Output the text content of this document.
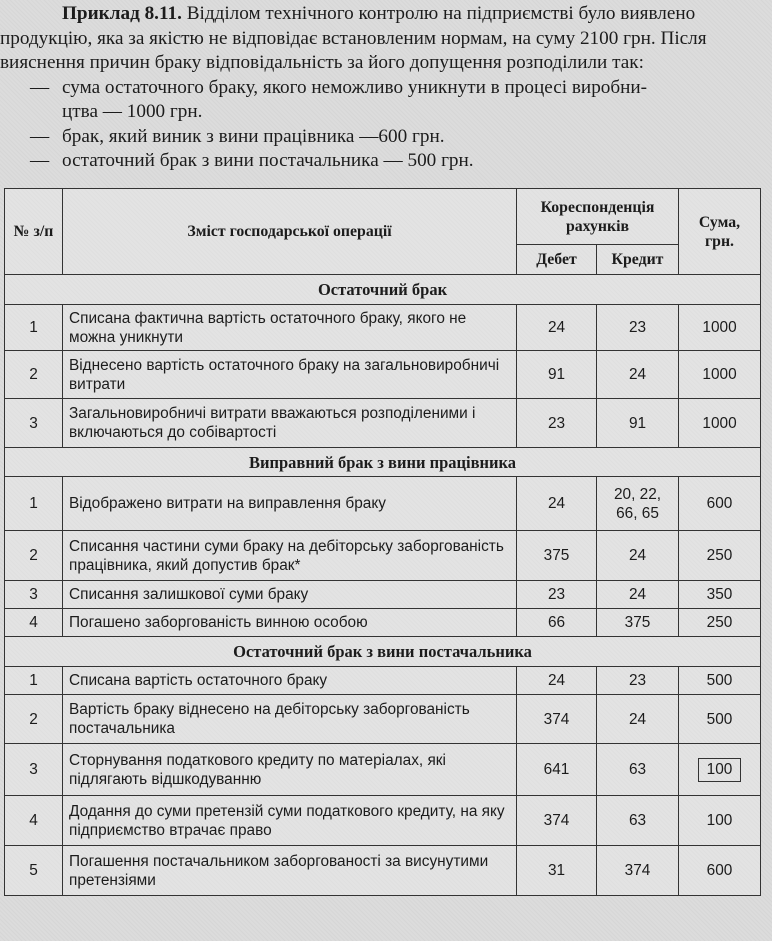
Приклад 8.11. Відділом технічного контролю на підприємстві було виявлено продукцію, яка за якістю не відповідає встановленим нормам, на суму 2100 грн. Після вияснення причин браку відповідальність за його допущення розподілили так:

— сума остаточного браку, якого неможливо уникнути в процесі виробни-
цтва — 1000 грн.
— брак, який виник з вини працівника —600 грн.
— остаточний брак з вини постачальника — 500 грн.
№ з/п	Зміст господарської операції	Кореспонденція рахунків		Сума, грн.
		Дебет	Кредит	
Остаточний брак				
1	Списана фактична вартість остаточного браку, якого не можна уникнути	24	23	1000
2	Віднесено вартість остаточного браку на загальновиробничі витрати	91	24	1000
3	Загальновиробничі витрати вважаються розподіленими і включаються до собівартості	23	91	1000
Виправний брак з вини працівника				
1	Відображено витрати на виправлення браку	24	20, 22, 66, 65	600
2	Списання частини суми браку на дебіторську заборгованість працівника, який допустив брак*	375	24	250
3	Списання залишкової суми браку	23	24	350
4	Погашено заборгованість винною особою	66	375	250
Остаточний брак з вини постачальника				
1	Списана вартість остаточного браку	24	23	500
2	Вартість браку віднесено на дебіторську заборгованість постачальника	374	24	500
3	Сторнування податкового кредиту по матеріалах, які підлягають відшкодуванню	641	63	100
4	Додання до суми претензій суми податкового кредиту, на яку підприємство втрачає право	374	63	100
5	Погашення постачальником заборгованості за висунутими претензіями	31	374	600
